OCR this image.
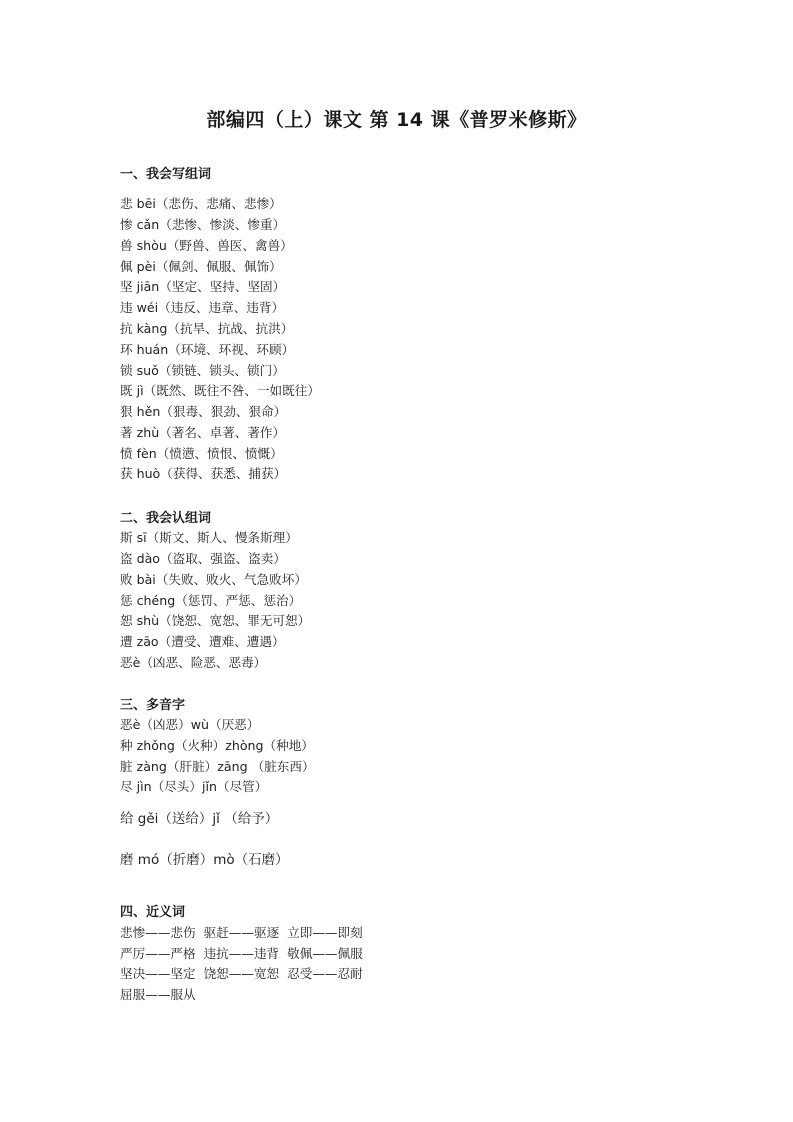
部编四（上）课文 第 14 课《普罗米修斯》
一、我会写组词
悲 bēi（悲伤、悲痛、悲惨）
惨 cǎn（悲惨、惨淡、惨重）
兽 shòu（野兽、兽医、禽兽）
佩 pèi（佩剑、佩服、佩饰）
坚 jiān（坚定、坚持、坚固）
违 wéi（违反、违章、违背）
抗 kàng（抗旱、抗战、抗洪）
环 huán（环境、环视、环顾）
锁 suǒ（锁链、锁头、锁门）
既 jì（既然、既往不咎、一如既往）
狠 hěn（狠毒、狠劲、狠命）
著 zhù（著名、卓著、著作）
愤 fèn（愤懑、愤恨、愤慨）
获 huò（获得、获悉、捕获）
二、我会认组词
斯 sī（斯文、斯人、慢条斯理）
盗 dào（盗取、强盗、盗卖）
败 bài（失败、败火、气急败坏）
惩 chéng（惩罚、严惩、惩治）
恕 shù（饶恕、宽恕、罪无可恕）
遭 zāo（遭受、遭难、遭遇）
恶è（凶恶、险恶、恶毒）
三、多音字
恶è（凶恶）wù（厌恶）
种 zhǒng（火种）zhòng（种地）
脏 zàng（肝脏）zāng （脏东西）
尽 jìn（尽头）jǐn（尽管）
给 gěi（送给）jǐ （给予）
磨 mó（折磨）mò（石磨）
四、近义词
悲惨——悲伤  驱赶——驱逐  立即——即刻
严厉——严格  违抗——违背  敬佩——佩服
坚决——坚定  饶恕——宽恕  忍受——忍耐
屈服——服从
